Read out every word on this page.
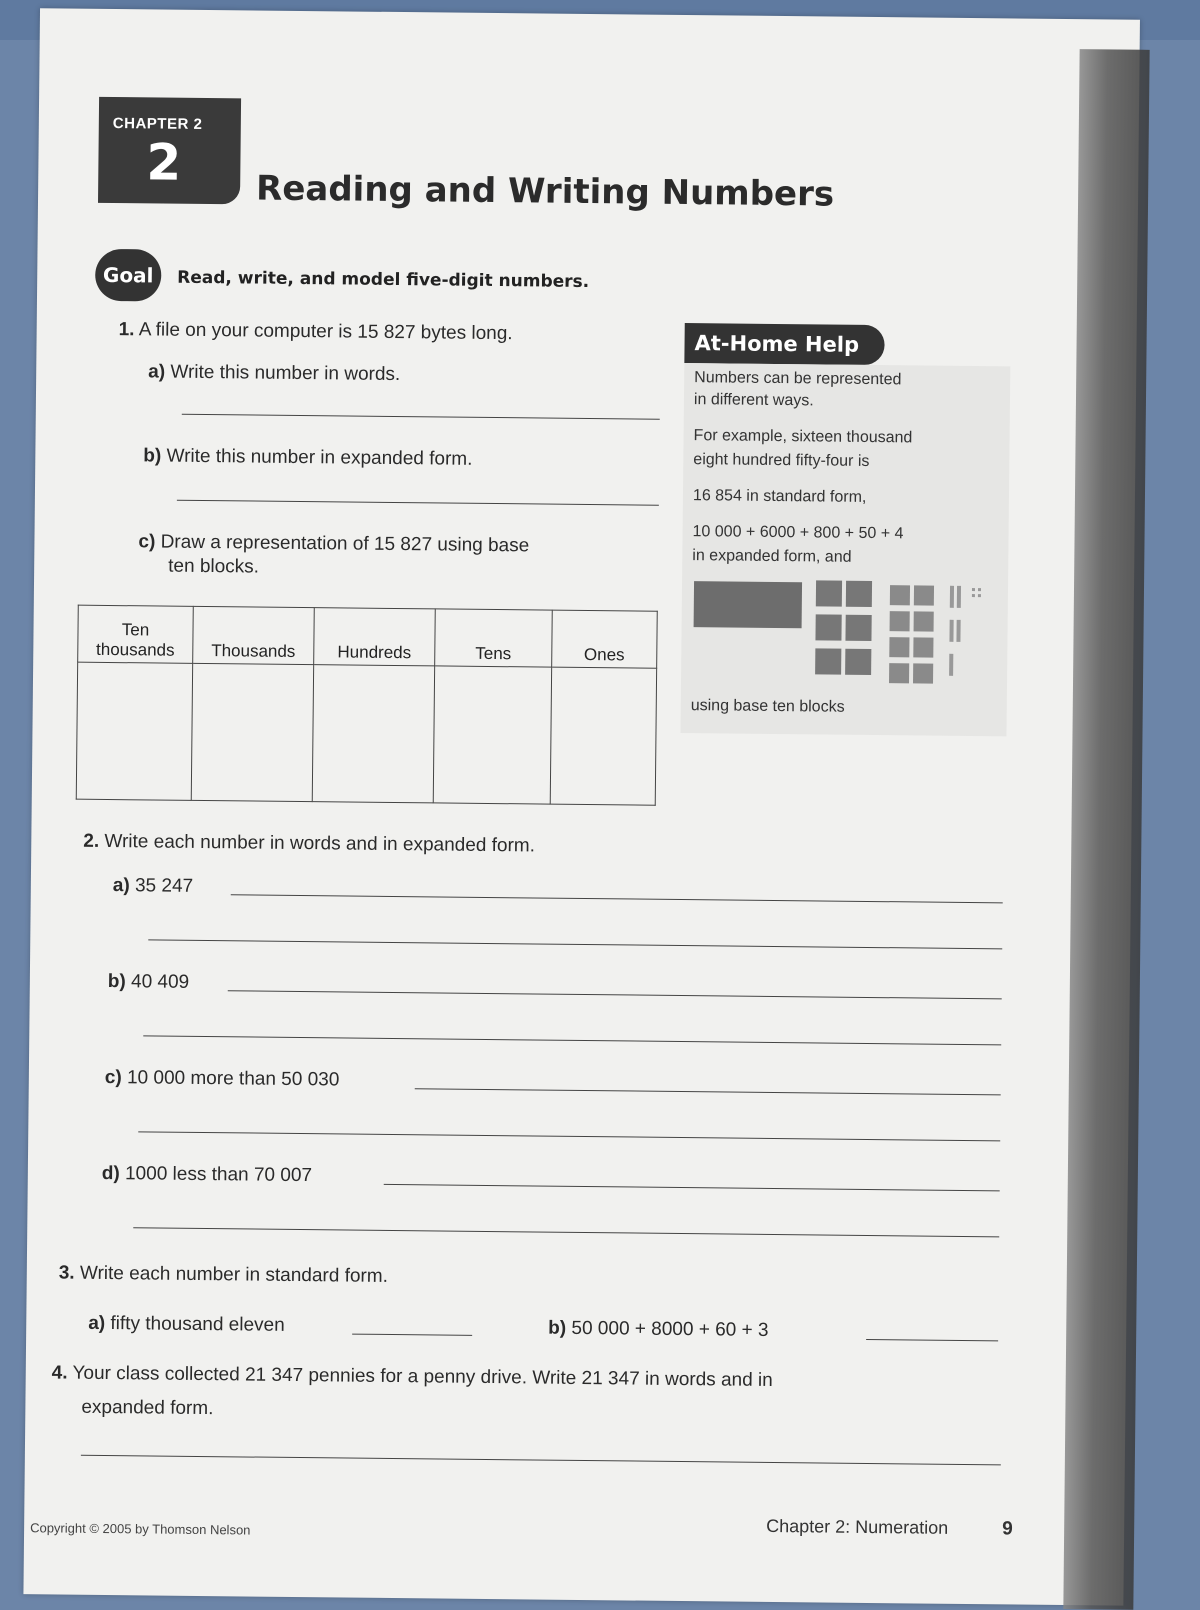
CHAPTER 2
2 Reading and Writing Numbers
Goal	Read, write, and model five-digit numbers.
1. A file on your computer is 15 827 bytes long.
a) Write this number in words.
b) Write this number in expanded form.
c) Draw a representation of 15 827 using base
ten blocks.
Ten thousands	Thousands	Hundreds	Tens	Ones

At-Home Help
Numbers can be represented
in different ways.
For example, sixteen thousand
eight hundred fifty-four is
16 854 in standard form,
10 000 + 6000 + 800 + 50 + 4
in expanded form, and
using base ten blocks
2. Write each number in words and in expanded form.
a) 35 247
b) 40 409
c) 10 000 more than 50 030
d) 1000 less than 70 007
3. Write each number in standard form.
a) fifty thousand eleven	b) 50 000 + 8000 + 60 + 3
4. Your class collected 21 347 pennies for a penny drive. Write 21 347 in words and in
expanded form.
Copyright © 2005 by Thomson Nelson	Chapter 2: Numeration	9
